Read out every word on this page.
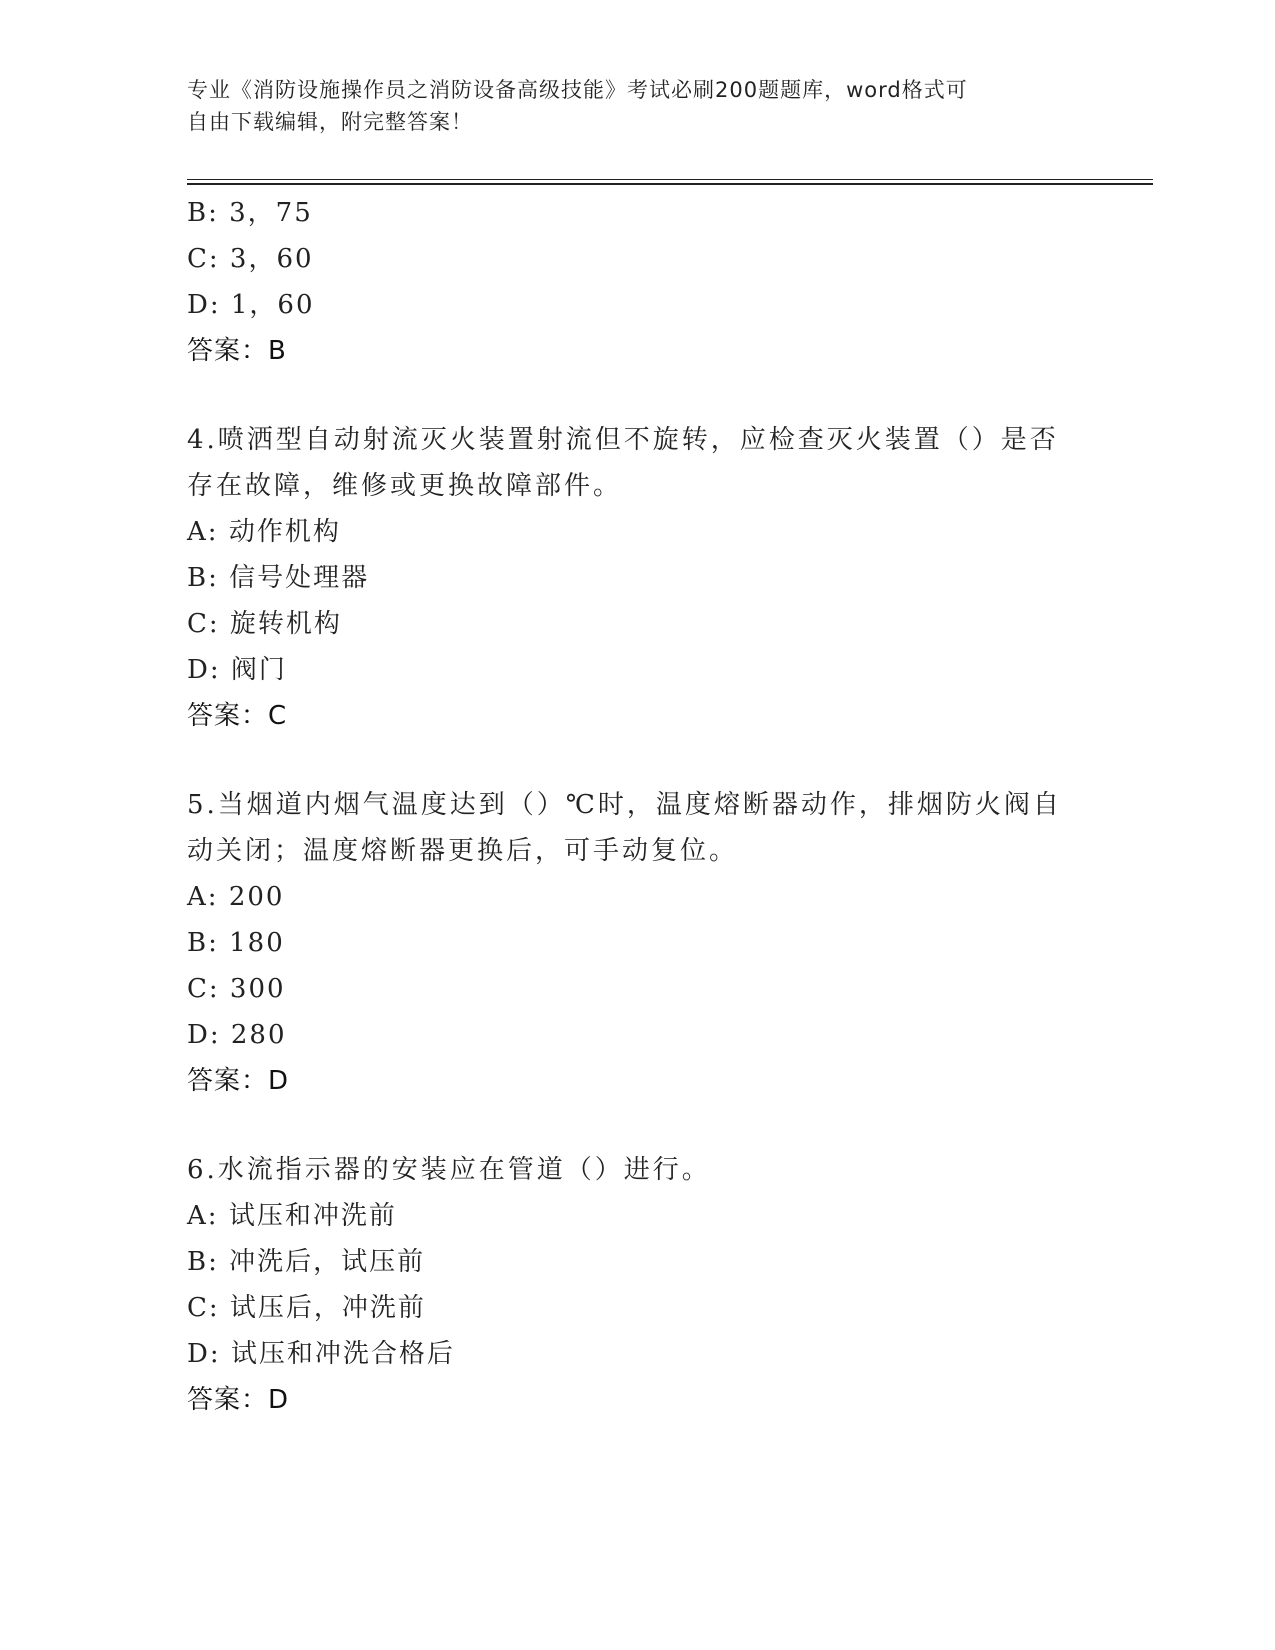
专业《消防设施操作员之消防设备高级技能》考试必刷200题题库，word格式可
自由下载编辑，附完整答案！
B: 3，75
C: 3，60
D: 1，60
答案：B
4.喷洒型自动射流灭火装置射流但不旋转，应检查灭火装置（）是否
存在故障，维修或更换故障部件。
A: 动作机构
B: 信号处理器
C: 旋转机构
D: 阀门
答案：C
5.当烟道内烟气温度达到（）℃时，温度熔断器动作，排烟防火阀自
动关闭；温度熔断器更换后，可手动复位。
A: 200
B: 180
C: 300
D: 280
答案：D
6.水流指示器的安装应在管道（）进行。
A: 试压和冲洗前
B: 冲洗后，试压前
C: 试压后，冲洗前
D: 试压和冲洗合格后
答案：D
